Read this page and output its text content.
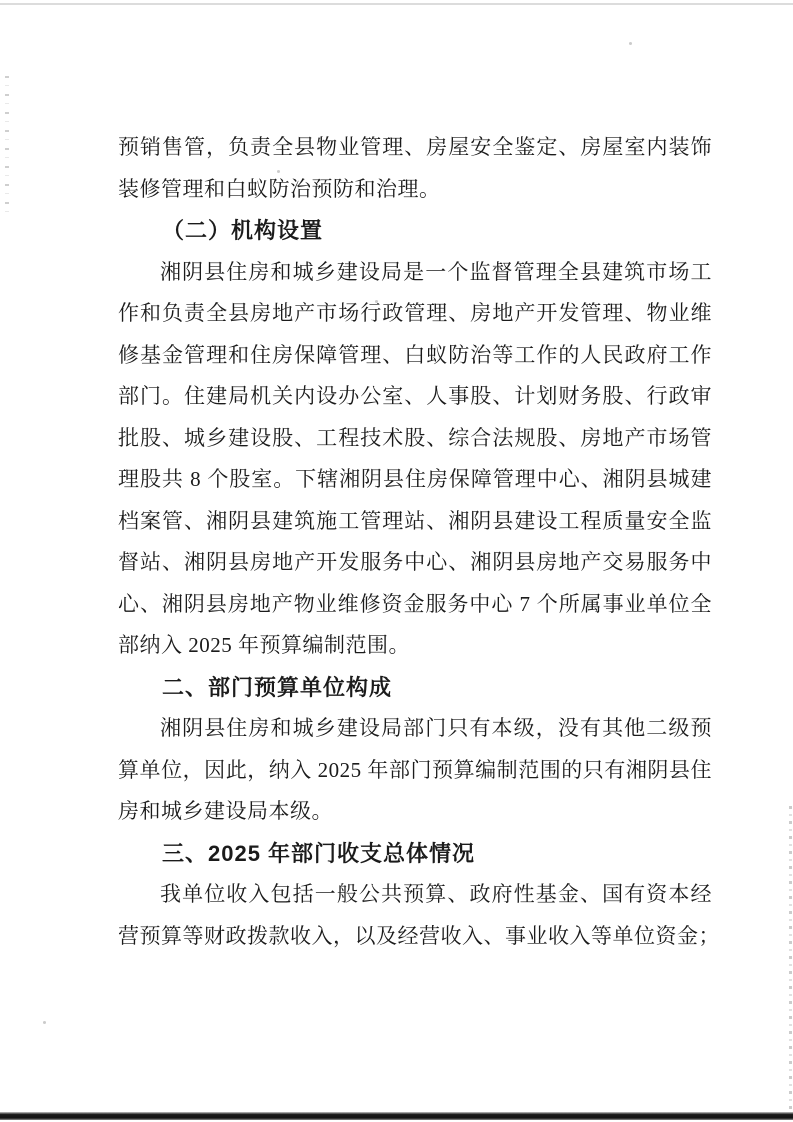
预销售管，负责全县物业管理、房屋安全鉴定、房屋室内装饰
装修管理和白蚁防治预防和治理。
（二）机构设置
湘阴县住房和城乡建设局是一个监督管理全县建筑市场工
作和负责全县房地产市场行政管理、房地产开发管理、物业维
修基金管理和住房保障管理、白蚁防治等工作的人民政府工作
部门。住建局机关内设办公室、人事股、计划财务股、行政审
批股、城乡建设股、工程技术股、综合法规股、房地产市场管
理股共 8 个股室。下辖湘阴县住房保障管理中心、湘阴县城建
档案管、湘阴县建筑施工管理站、湘阴县建设工程质量安全监
督站、湘阴县房地产开发服务中心、湘阴县房地产交易服务中
心、湘阴县房地产物业维修资金服务中心 7 个所属事业单位全
部纳入 2025 年预算编制范围。
二、部门预算单位构成
湘阴县住房和城乡建设局部门只有本级，没有其他二级预
算单位，因此，纳入 2025 年部门预算编制范围的只有湘阴县住
房和城乡建设局本级。
三、2025 年部门收支总体情况
我单位收入包括一般公共预算、政府性基金、国有资本经
营预算等财政拨款收入，以及经营收入、事业收入等单位资金；
